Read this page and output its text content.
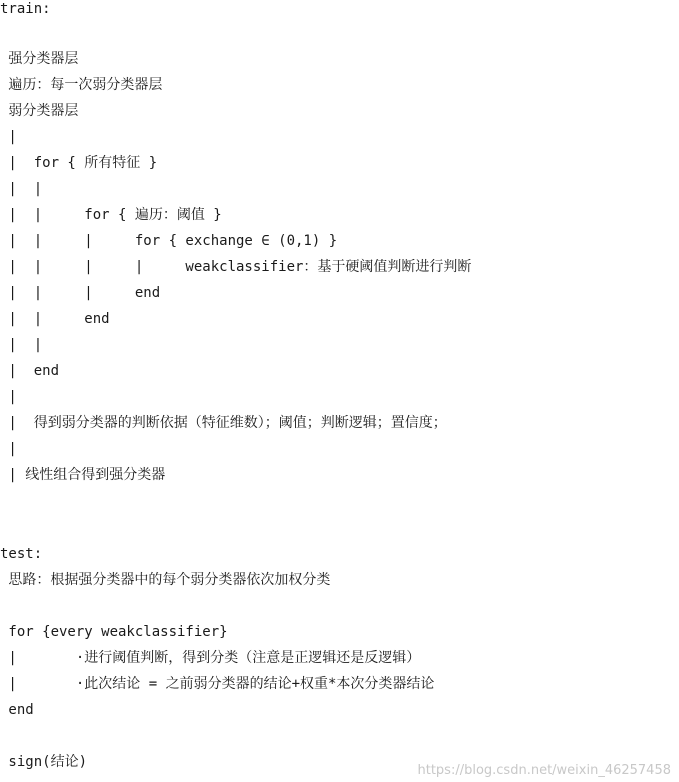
train:
强分类器层
遍历：每一次弱分类器层
弱分类器层
|
|  for { 所有特征 }
|  |
|  |     for { 遍历：阈值 }
|  |     |     for { exchange ∈ (0,1) }
|  |     |     |     weakclassifier：基于硬阈值判断进行判断
|  |     |     end
|  |     end
|  |
|  end
|
|  得到弱分类器的判断依据（特征维数）；阈值；判断逻辑；置信度；
|
| 线性组合得到强分类器
test:
思路：根据强分类器中的每个弱分类器依次加权分类
for {every weakclassifier}
|       ·进行阈值判断，得到分类（注意是正逻辑还是反逻辑）
|       ·此次结论 = 之前弱分类器的结论+权重*本次分类器结论
end
sign(结论)
https://blog.csdn.net/weixin_46257458
